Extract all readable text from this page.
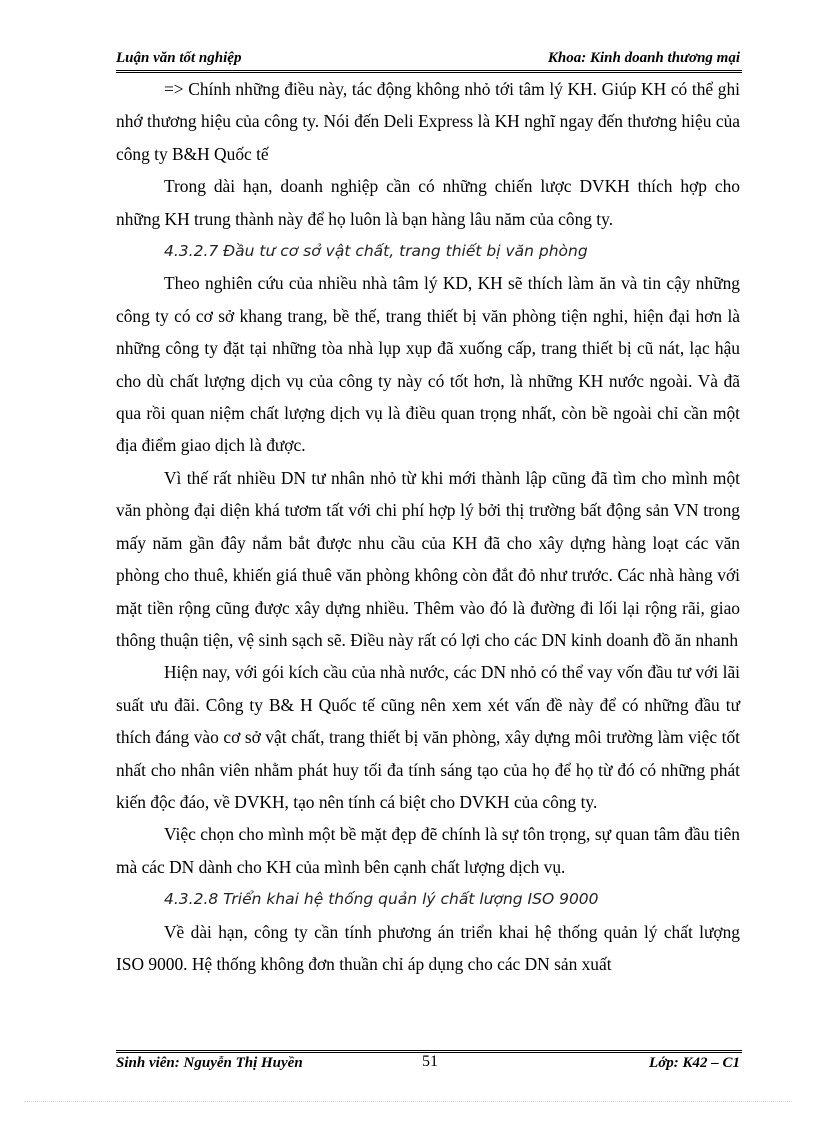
Luận văn tốt nghiệp	Khoa: Kinh doanh thương mại

=> Chính những điều này, tác động không nhỏ tới tâm lý KH. Giúp KH có thể ghi nhớ thương hiệu của công ty. Nói đến Deli Express là KH nghĩ ngay đến thương hiệu của công ty B&H Quốc tế

Trong dài hạn, doanh nghiệp cần có những chiến lược DVKH thích hợp cho những KH trung thành này để họ luôn là bạn hàng lâu năm của công ty.

4.3.2.7 Đầu tư cơ sở vật chất, trang thiết bị văn phòng

Theo nghiên cứu của nhiều nhà tâm lý KD, KH sẽ thích làm ăn và tin cậy những công ty có cơ sở khang trang, bề thế, trang thiết bị văn phòng tiện nghi, hiện đại hơn là những công ty đặt tại những tòa nhà lụp xụp đã xuống cấp, trang thiết bị cũ nát, lạc hậu cho dù chất lượng dịch vụ của công ty này có tốt hơn, là những KH nước ngoài. Và đã qua rồi quan niệm chất lượng dịch vụ là điều quan trọng nhất, còn bề ngoài chỉ cần một địa điểm giao dịch là được.

Vì thế rất nhiều DN tư nhân nhỏ từ khi mới thành lập cũng đã tìm cho mình một văn phòng đại diện khá tươm tất với chi phí hợp lý bởi thị trường bất động sản VN trong mấy năm gần đây nắm bắt được nhu cầu của KH đã cho xây dựng hàng loạt các văn phòng cho thuê, khiến giá thuê văn phòng không còn đắt đỏ như trước. Các nhà hàng với mặt tiền rộng cũng được xây dựng nhiều. Thêm vào đó là đường đi lối lại rộng rãi, giao thông thuận tiện, vệ sinh sạch sẽ. Điều này rất có lợi cho các DN kinh doanh đồ ăn nhanh

Hiện nay, với gói kích cầu của nhà nước, các DN nhỏ có thể vay vốn đầu tư với lãi suất ưu đãi. Công ty B& H Quốc tế cũng nên xem xét vấn đề này để có những đầu tư thích đáng vào cơ sở vật chất, trang thiết bị văn phòng, xây dựng môi trường làm việc tốt nhất cho nhân viên nhằm phát huy tối đa tính sáng tạo của họ để họ từ đó có những phát kiến độc đáo, về DVKH, tạo nên tính cá biệt cho DVKH của công ty.

Việc chọn cho mình một bề mặt đẹp đẽ chính là sự tôn trọng, sự quan tâm đầu tiên mà các DN dành cho KH của mình bên cạnh chất lượng dịch vụ.

4.3.2.8 Triển khai hệ thống quản lý chất lượng ISO 9000

Về dài hạn, công ty cần tính phương án triển khai hệ thống quản lý chất lượng ISO 9000. Hệ thống không đơn thuần chỉ áp dụng cho các DN sản xuất

Sinh viên: Nguyễn Thị Huyền	51	Lớp: K42 – C1
